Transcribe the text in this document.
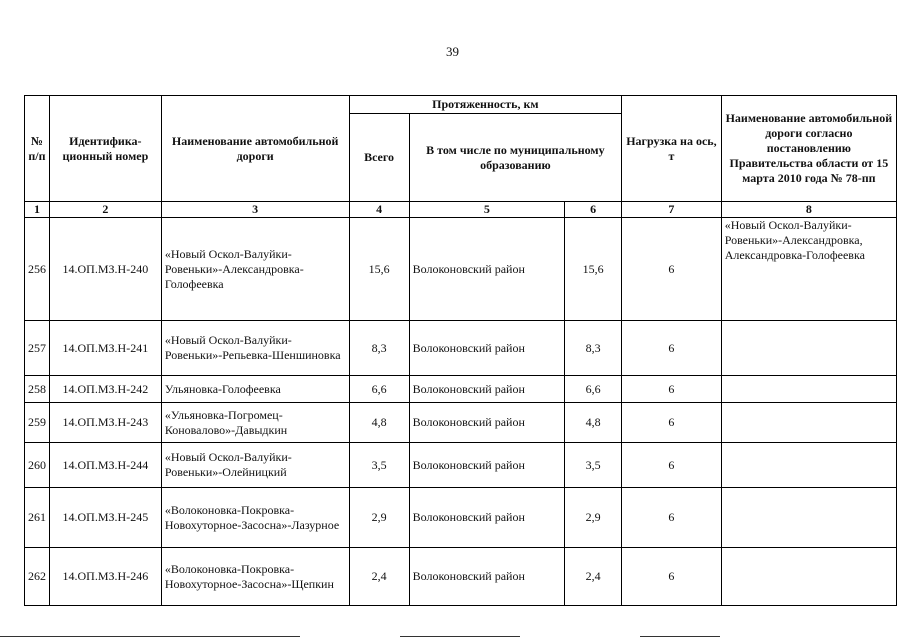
39
№ п/п	Идентифика-ционный номер	Наименование автомобильной дороги	Протяженность, км			Нагрузка на ось, т	Наименование автомобильной дороги согласно постановлению Правительства области от 15 марта 2010 года № 78-пп
			Всего	В том числе по муниципальному образованию			
1	2	3	4	5	6	7	8
256	14.ОП.МЗ.Н-240	«Новый Оскол-Валуйки-Ровеньки»-Александровка-Голофеевка	15,6	Волоконовский район	15,6	6	«Новый Оскол-Валуйки-Ровеньки»-Александровка, Александровка-Голофеевка
257	14.ОП.МЗ.Н-241	«Новый Оскол-Валуйки-Ровеньки»-Репьевка-Шеншиновка	8,3	Волоконовский район	8,3	6	
258	14.ОП.МЗ.Н-242	Ульяновка-Голофеевка	6,6	Волоконовский район	6,6	6	
259	14.ОП.МЗ.Н-243	«Ульяновка-Погромец-Коновалово»-Давыдкин	4,8	Волоконовский район	4,8	6	
260	14.ОП.МЗ.Н-244	«Новый Оскол-Валуйки-Ровеньки»-Олейницкий	3,5	Волоконовский район	3,5	6	
261	14.ОП.МЗ.Н-245	«Волоконовка-Покровка-Новохуторное-Засосна»-Лазурное	2,9	Волоконовский район	2,9	6	
262	14.ОП.МЗ.Н-246	«Волоконовка-Покровка-Новохуторное-Засосна»-Щепкин	2,4	Волоконовский район	2,4	6	
